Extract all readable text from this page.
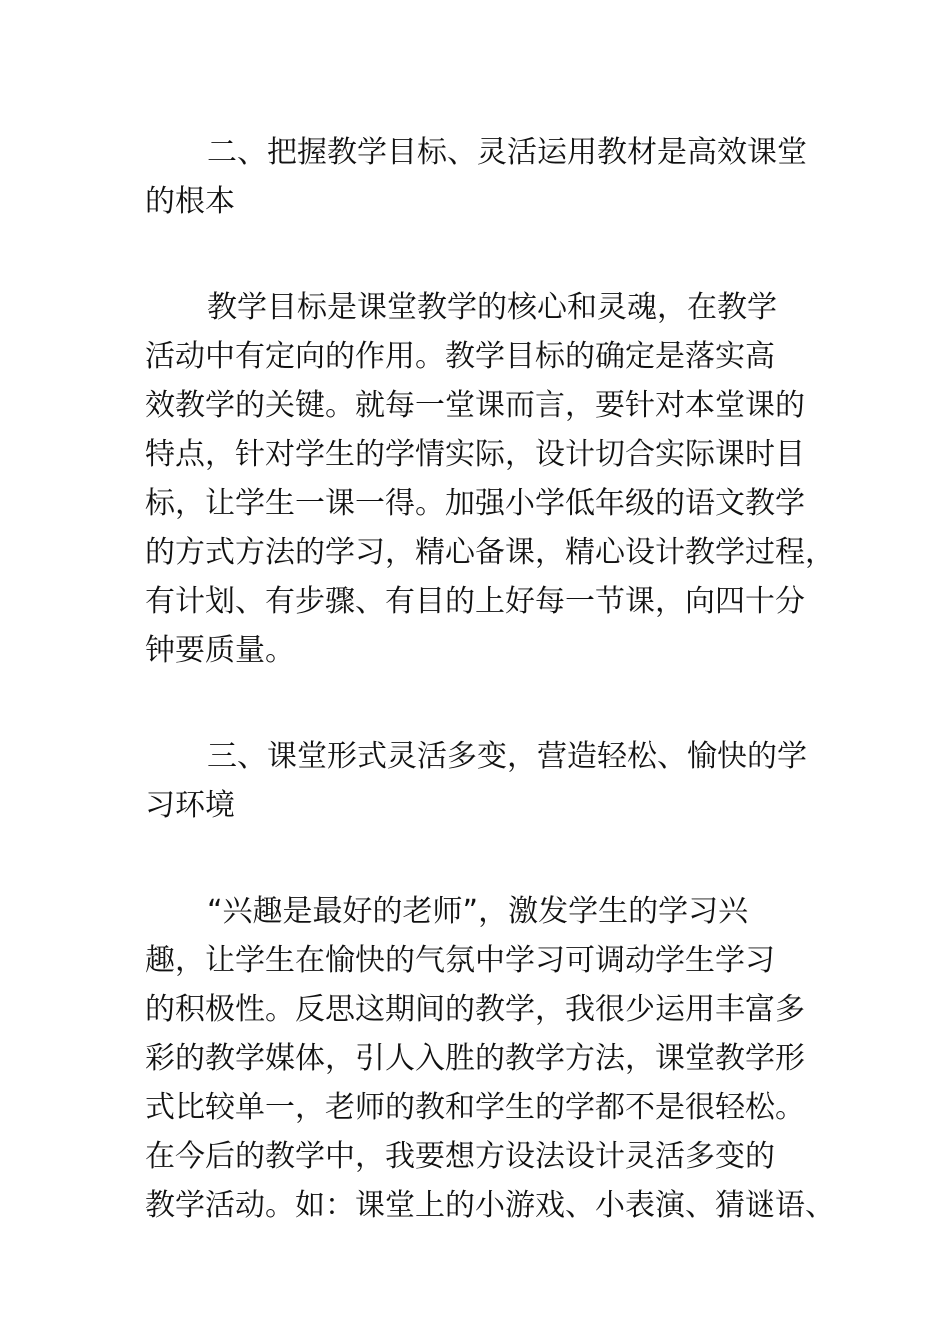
二、把握教学目标、灵活运用教材是高效课堂
的根本
教学目标是课堂教学的核心和灵魂，在教学
活动中有定向的作用。教学目标的确定是落实高
效教学的关键。就每一堂课而言，要针对本堂课的
特点，针对学生的学情实际，设计切合实际课时目
标，让学生一课一得。加强小学低年级的语文教学
的方式方法的学习，精心备课，精心设计教学过程，
有计划、有步骤、有目的上好每一节课，向四十分
钟要质量。
三、课堂形式灵活多变，营造轻松、愉快的学
习环境
“兴趣是最好的老师”，激发学生的学习兴
趣，让学生在愉快的气氛中学习可调动学生学习
的积极性。反思这期间的教学，我很少运用丰富多
彩的教学媒体，引人入胜的教学方法，课堂教学形
式比较单一，老师的教和学生的学都不是很轻松。
在今后的教学中，我要想方设法设计灵活多变的
教学活动。如：课堂上的小游戏、小表演、猜谜语、
